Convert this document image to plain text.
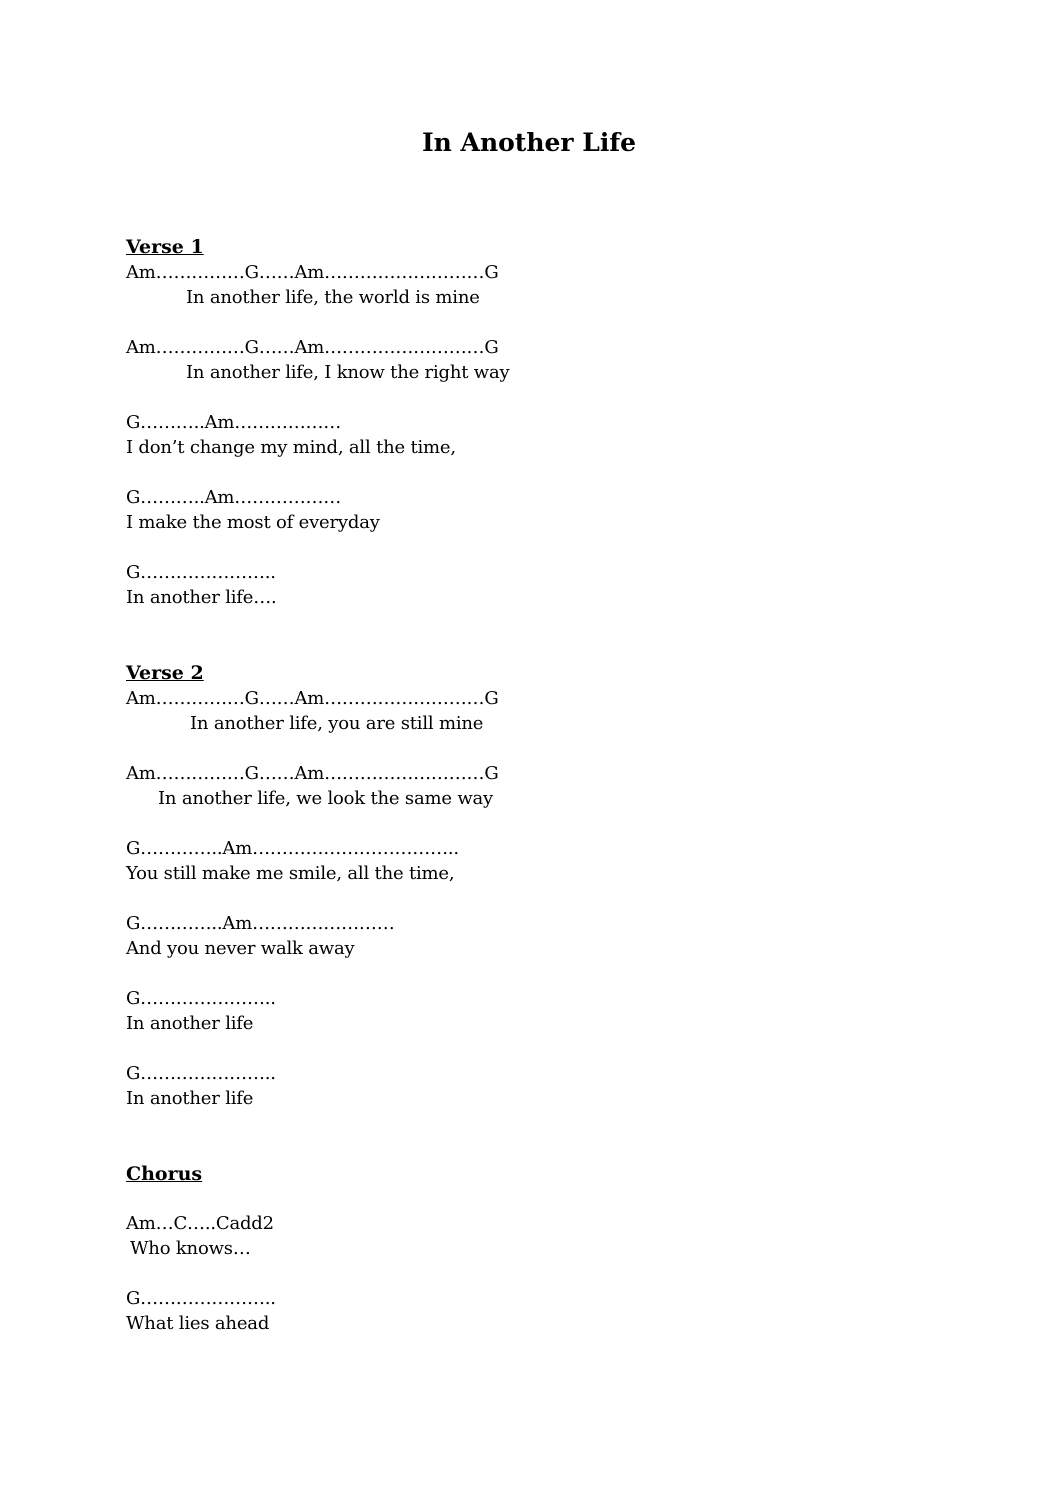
In Another Life
Verse 1
Am……………G……Am………………………G
In another life, the world is mine
Am……………G……Am………………………G
In another life, I know the right way
G………..Am………………
I don’t change my mind, all the time,
G………..Am………………
I make the most of everyday
G…………………..
In another life….
Verse 2
Am……………G……Am………………………G
In another life, you are still mine
Am……………G……Am………………………G
In another life, we look the same way
G…………..Am……………………………..
You still make me smile, all the time,
G…………..Am……………………
And you never walk away
G…………………..
In another life
G…………………..
In another life
Chorus
Am…C…..Cadd2
Who knows…
G…………………..
What lies ahead
